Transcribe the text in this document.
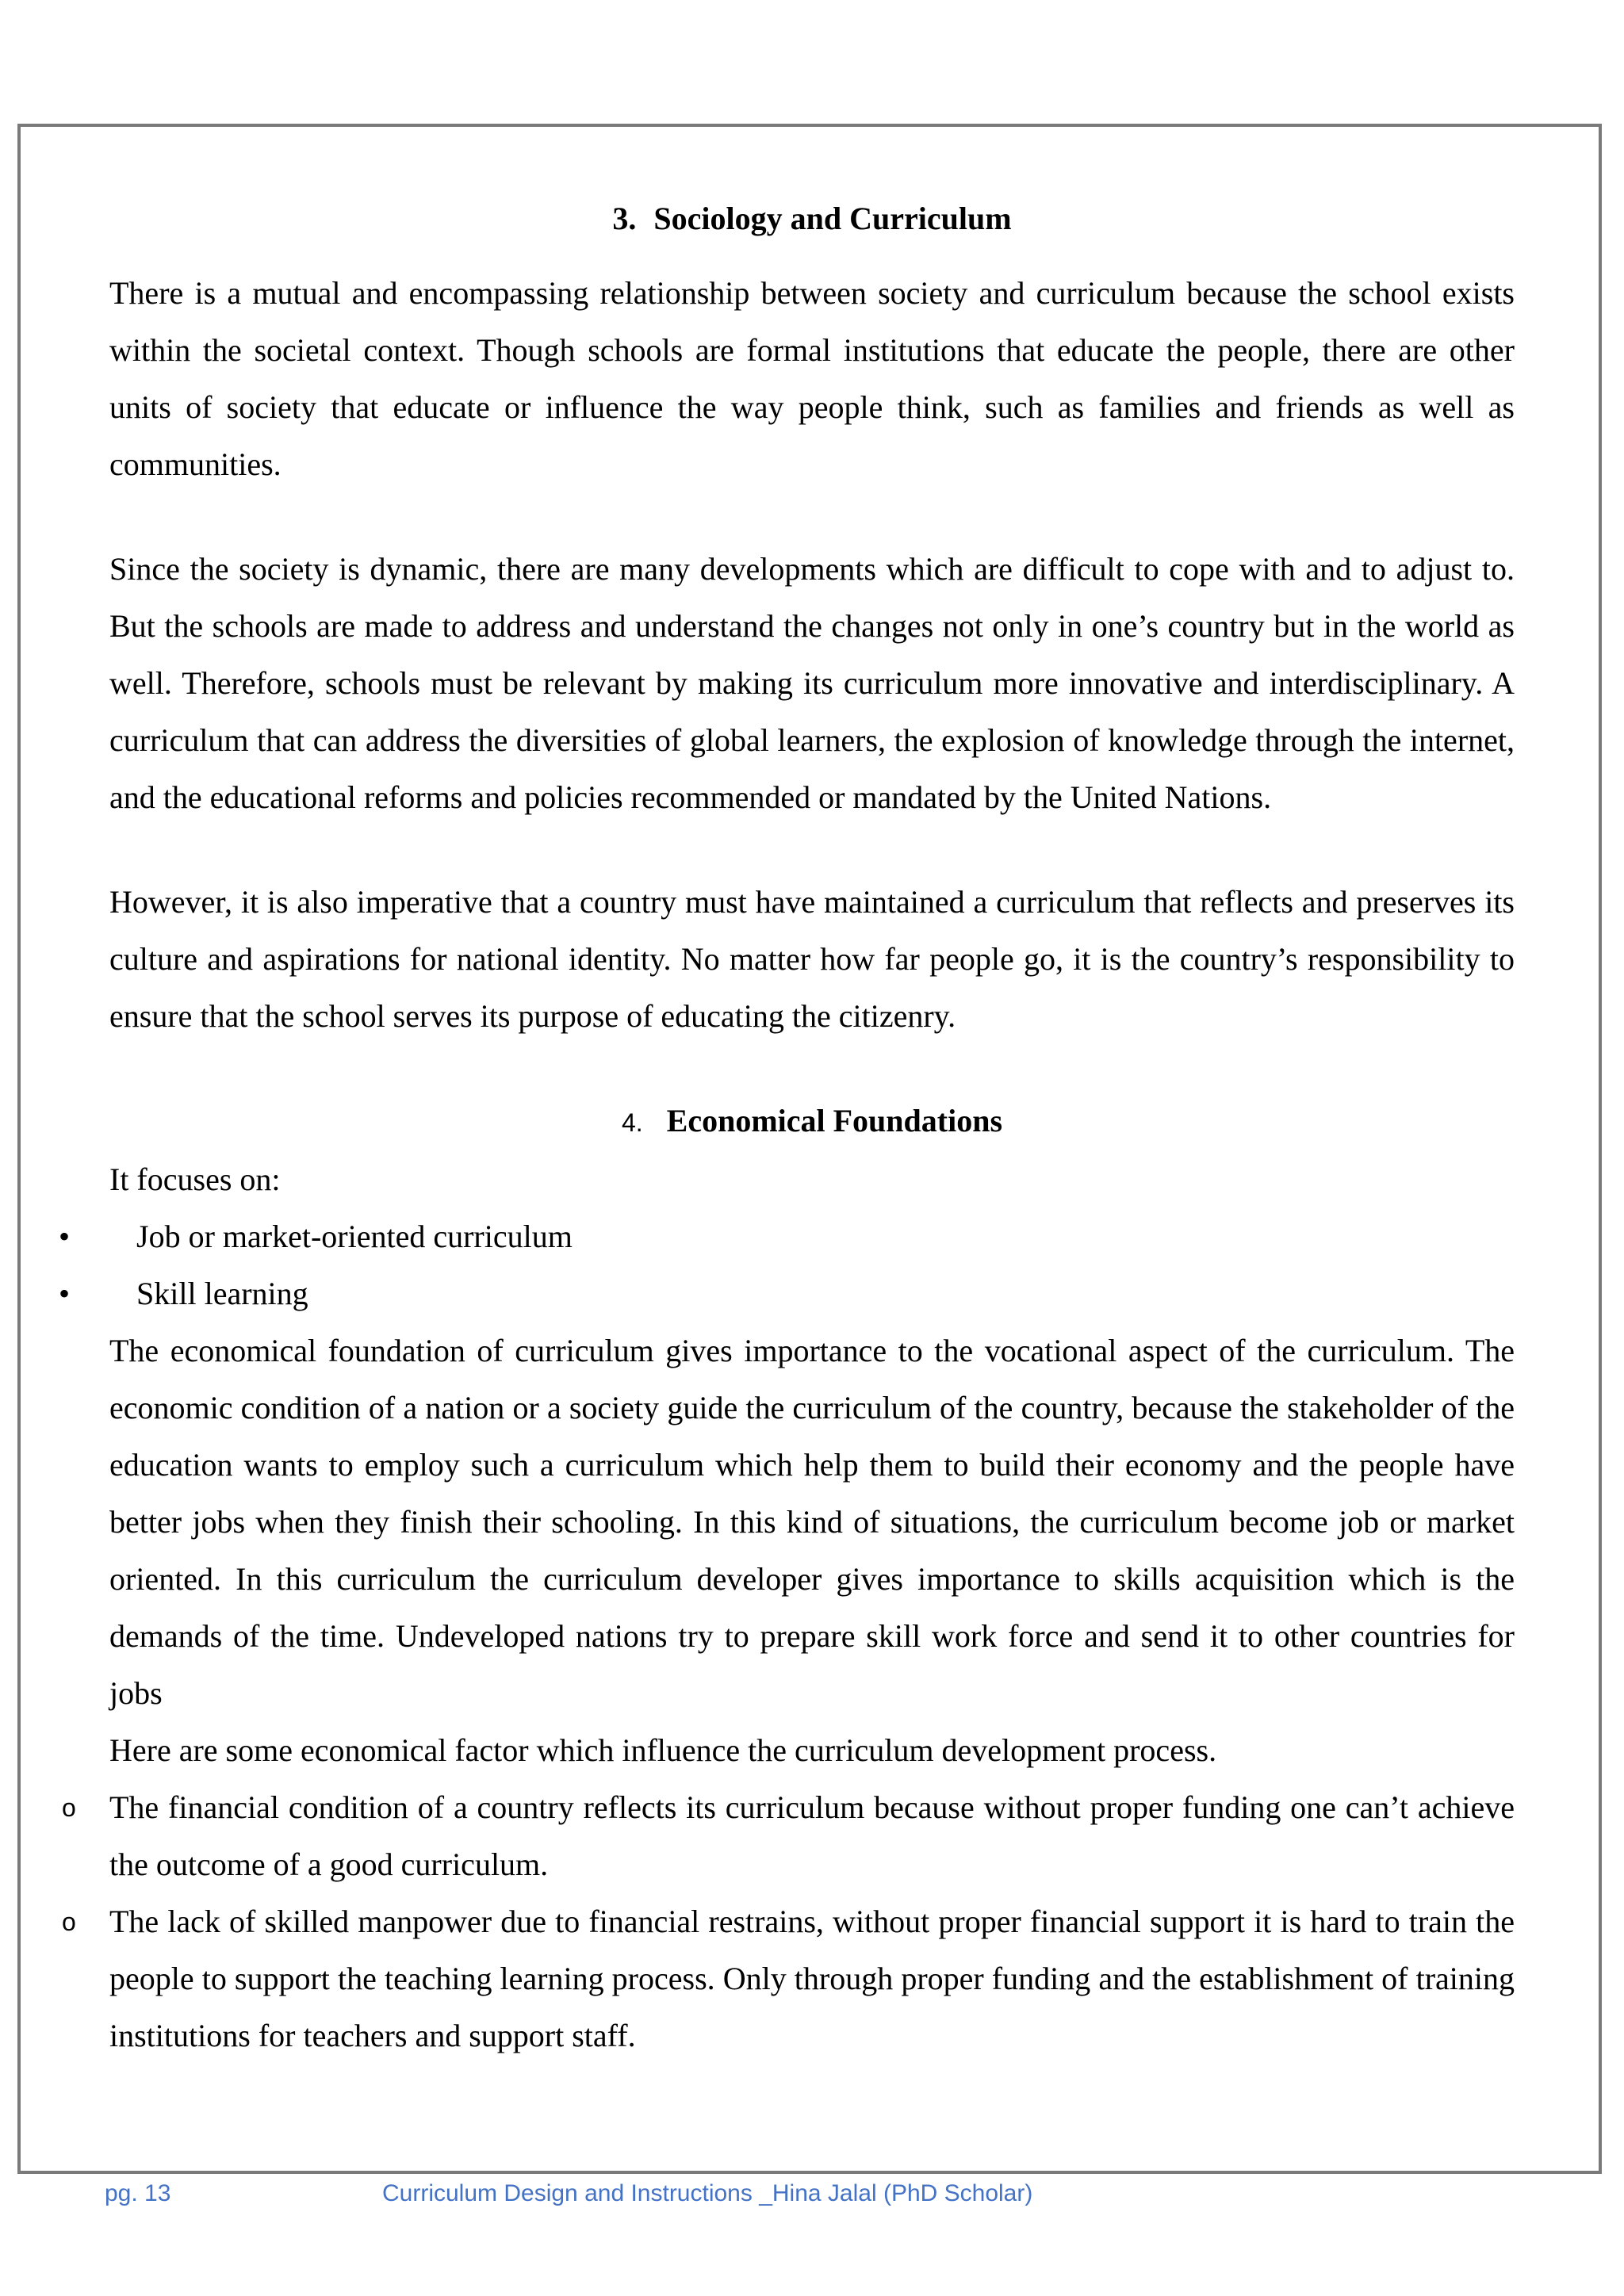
3. Sociology and Curriculum

There is a mutual and encompassing relationship between society and curriculum because the school exists within the societal context. Though schools are formal institutions that educate the people, there are other units of society that educate or influence the way people think, such as families and friends as well as communities.

Since the society is dynamic, there are many developments which are difficult to cope with and to adjust to. But the schools are made to address and understand the changes not only in one’s country but in the world as well. Therefore, schools must be relevant by making its curriculum more innovative and interdisciplinary. A curriculum that can address the diversities of global learners, the explosion of knowledge through the internet, and the educational reforms and policies recommended or mandated by the United Nations.

However, it is also imperative that a country must have maintained a curriculum that reflects and preserves its culture and aspirations for national identity. No matter how far people go, it is the country’s responsibility to ensure that the school serves its purpose of educating the citizenry.

4. Economical Foundations

It focuses on:

• Job or market-oriented curriculum
• Skill learning

The economical foundation of curriculum gives importance to the vocational aspect of the curriculum. The economic condition of a nation or a society guide the curriculum of the country, because the stakeholder of the education wants to employ such a curriculum which help them to build their economy and the people have better jobs when they finish their schooling. In this kind of situations, the curriculum become job or market oriented. In this curriculum the curriculum developer gives importance to skills acquisition which is the demands of the time. Undeveloped nations try to prepare skill work force and send it to other countries for jobs

Here are some economical factor which influence the curriculum development process.

o The financial condition of a country reflects its curriculum because without proper funding one can’t achieve the outcome of a good curriculum.

o The lack of skilled manpower due to financial restrains, without proper financial support it is hard to train the people to support the teaching learning process. Only through proper funding and the establishment of training institutions for teachers and support staff.

pg. 13	Curriculum Design and Instructions _Hina Jalal (PhD Scholar)
